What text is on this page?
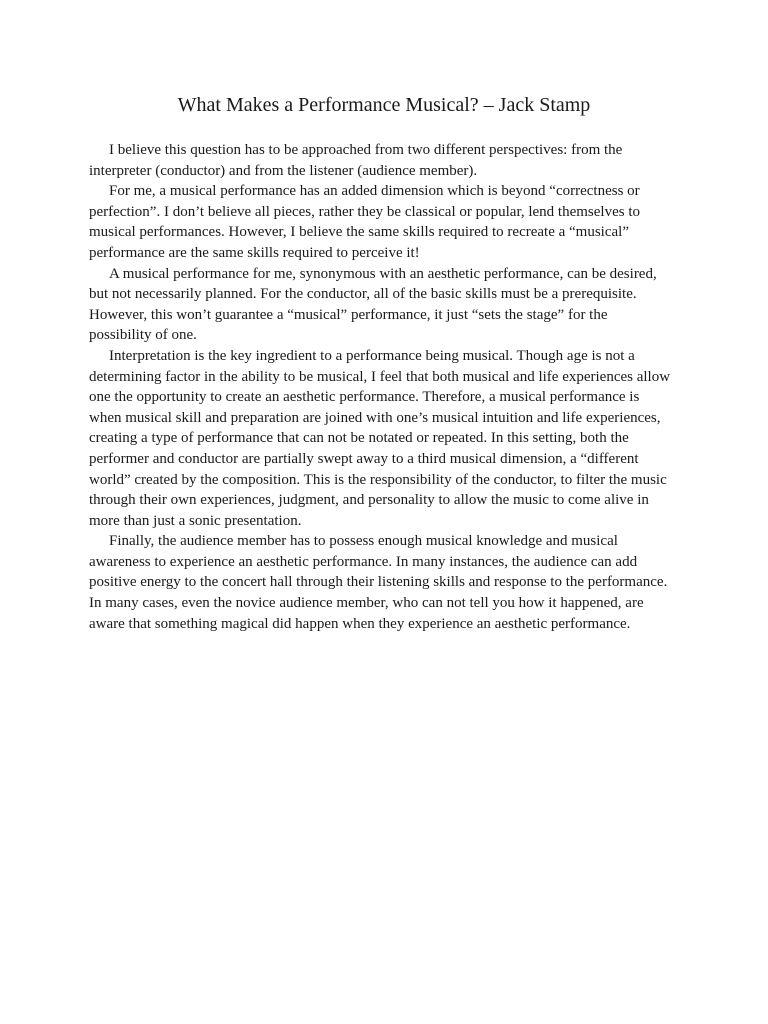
What Makes a Performance Musical? – Jack Stamp

I believe this question has to be approached from two different perspectives: from the
interpreter (conductor) and from the listener (audience member).

For me, a musical performance has an added dimension which is beyond “correctness or
perfection”. I don’t believe all pieces, rather they be classical or popular, lend themselves to
musical performances. However, I believe the same skills required to recreate a “musical”
performance are the same skills required to perceive it!

A musical performance for me, synonymous with an aesthetic performance, can be desired,
but not necessarily planned. For the conductor, all of the basic skills must be a prerequisite.
However, this won’t guarantee a “musical” performance, it just “sets the stage” for the
possibility of one.

Interpretation is the key ingredient to a performance being musical. Though age is not a
determining factor in the ability to be musical, I feel that both musical and life experiences allow
one the opportunity to create an aesthetic performance. Therefore, a musical performance is
when musical skill and preparation are joined with one’s musical intuition and life experiences,
creating a type of performance that can not be notated or repeated. In this setting, both the
performer and conductor are partially swept away to a third musical dimension, a “different
world” created by the composition. This is the responsibility of the conductor, to filter the music
through their own experiences, judgment, and personality to allow the music to come alive in
more than just a sonic presentation.

Finally, the audience member has to possess enough musical knowledge and musical
awareness to experience an aesthetic performance. In many instances, the audience can add
positive energy to the concert hall through their listening skills and response to the performance.
In many cases, even the novice audience member, who can not tell you how it happened, are
aware that something magical did happen when they experience an aesthetic performance.
